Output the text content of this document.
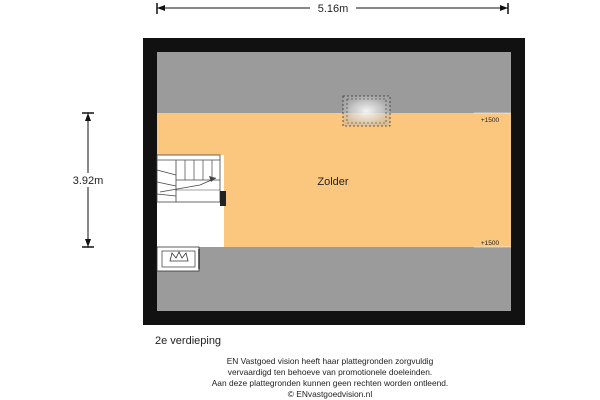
5.16m
3.92m
+1500
+1500
Zolder

2e verdieping

EN Vastgoed vision heeft haar plattegronden zorgvuldig
vervaardigd ten behoeve van promotionele doeleinden.
Aan deze plattegronden kunnen geen rechten worden ontleend.
© ENvastgoedvision.nl
